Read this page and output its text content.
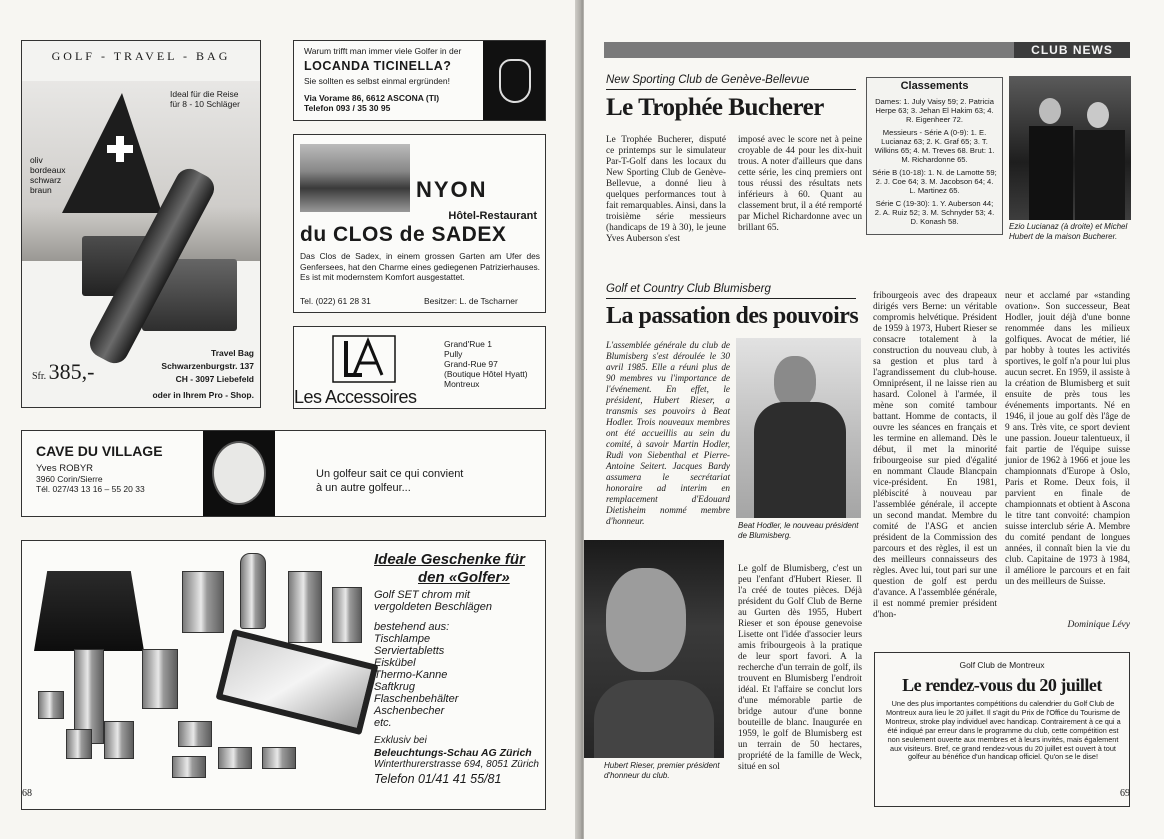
GOLF - TRAVEL - BAG
Ideal für die Reise
für 8 - 10 Schläger
oliv
bordeaux
schwarz
braun
Sfr. 385,-
Travel Bag
Schwarzenburgstr. 137
CH - 3097 Liebefeld
oder in Ihrem Pro - Shop.
Warum trifft man immer viele Golfer in der
LOCANDA TICINELLA?
Sie sollten es selbst einmal ergründen!
Via Vorame 86, 6612 ASCONA (TI)
Telefon 093 / 35 30 95
NYON
Hôtel-Restaurant
du CLOS de SADEX
Das Clos de Sadex, in einem grossen Garten am Ufer des Genfersees, hat den Charme eines gediegenen Patrizierhauses. Es ist mit modernstem Komfort ausgestattet.
Tel. (022) 61 28 31	Besitzer: L. de Tscharner
Les Accessoires
Grand'Rue 1
Pully
Grand-Rue 97
(Boutique Hôtel Hyatt)
Montreux
CAVE DU VILLAGE
Yves ROBYR
3960 Corin/Sierre
Tél. 027/43 13 16 – 55 20 33
Un golfeur sait ce qui convient
à un autre golfeur...
Ideale Geschenke für
den «Golfer»
Golf SET chrom mit
vergoldeten Beschlägen
bestehend aus:
Tischlampe
Serviertabletts
Eiskübel
Thermo-Kanne
Saftkrug
Flaschenbehälter
Aschenbecher
etc.
Exklusiv bei
Beleuchtungs-Schau AG Zürich
Winterthurerstrasse 694, 8051 Zürich
Telefon 01/41 41 55/81
68
CLUB NEWS
New Sporting Club de Genève-Bellevue
Le Trophée Bucherer
Le Trophée Bucherer, disputé ce printemps sur le simulateur Par-T-Golf dans les locaux du New Sporting Club de Genève-Bellevue, a donné lieu à quelques performances tout à fait remarquables. Ainsi, dans la troisième série messieurs (handicaps de 19 à 30), le jeune Yves Auberson s'est
imposé avec le score net à peine croyable de 44 pour les dix-huit trous. A noter d'ailleurs que dans cette série, les cinq premiers ont tous réussi des résultats nets inférieurs à 60. Quant au classement brut, il a été remporté par Michel Richardonne avec un brillant 65.
Classements

Dames: 1. July Vaisy 59; 2. Patricia Herpe 63; 3. Jehan El Hakim 63; 4. R. Eigenheer 72.

Messieurs - Série A (0-9): 1. E. Lucianaz 63; 2. K. Graf 65; 3. T. Wilkins 65; 4. M. Treves 68. Brut: 1. M. Richardonne 65.

Série B (10-18): 1. N. de Lamotte 59; 2. J. Coe 64; 3. M. Jacobson 64; 4. L. Martinez 65.

Série C (19-30): 1. Y. Auberson 44; 2. A. Ruiz 52; 3. M. Schnyder 53; 4. D. Konash 58.

Ezio Lucianaz (à droite) et Michel Hubert de la maison Bucherer.
Golf et Country Club Blumisberg
La passation des pouvoirs
L'assemblée générale du club de Blumisberg s'est déroulée le 30 avril 1985. Elle a réuni plus de 90 membres vu l'importance de l'événement. En effet, le président, Hubert Rieser, a transmis ses pouvoirs à Beat Hodler. Trois nouveaux membres ont été accueillis au sein du comité, à savoir Martin Hodler, Rudi von Siebenthal et Pierre-Antoine Seitert. Jacques Bardy assumera le secrétariat honoraire ad interim en remplacement d'Edouard Dietisheim nommé membre d'honneur.	Beat Hodler, le nouveau président de Blumisberg.
Hubert Rieser, premier président d'honneur du club.
Le golf de Blumisberg, c'est un peu l'enfant d'Hubert Rieser. Il l'a créé de toutes pièces. Déjà président du Golf Club de Berne au Gurten dès 1955, Hubert Rieser et son épouse genevoise Lisette ont l'idée d'associer leurs amis fribourgeois à la pratique de leur sport favori. A la recherche d'un terrain de golf, ils trouvent en Blumisberg l'endroit idéal. Et l'affaire se conclut lors d'une mémorable partie de bridge autour d'une bonne bouteille de blanc. Inaugurée en 1959, le golf de Blumisberg est un terrain de 50 hectares, propriété de la famille de Weck, situé en sol
fribourgeois avec des drapeaux dirigés vers Berne: un véritable compromis helvétique. Président de 1959 à 1973, Hubert Rieser se consacre totalement à la construction du nouveau club, à sa gestion et plus tard à l'agrandissement du club-house. Omniprésent, il ne laisse rien au hasard. Colonel à l'armée, il mène son comité tambour battant. Homme de contacts, il ouvre les séances en français et les termine en allemand. Dès le début, il met la minorité fribourgeoise sur pied d'égalité en nommant Claude Blancpain vice-président. En 1981, plébiscité à nouveau par l'assemblée générale, il accepte un second mandat. Membre du comité de l'ASG et ancien président de la Commission des parcours et des règles, il est un des meilleurs connaisseurs des règles. Avec lui, tout pari sur une question de golf est perdu d'avance. A l'assemblée générale, il est nommé premier président d'hon-
neur et acclamé par «standing ovation». Son successeur, Beat Hodler, jouit déjà d'une bonne renommée dans les milieux golfiques. Avocat de métier, lié par hobby à toutes les activités sportives, le golf n'a pour lui plus aucun secret. En 1959, il assiste à la création de Blumisberg et suit ensuite de près tous les événements importants. Né en 1946, il joue au golf dès l'âge de 9 ans. Très vite, ce sport devient une passion. Joueur talentueux, il fait partie de l'équipe suisse junior de 1962 à 1966 et joue les championnats d'Europe à Oslo, Paris et Rome. Deux fois, il parvient en finale de championnats et obtient à Ascona le titre tant convoité: champion suisse interclub série A. Membre du comité pendant de longues années, il connaît bien la vie du club. Capitaine de 1973 à 1984, il améliore le parcours et en fait un des meilleurs de Suisse.
Dominique Lévy
Golf Club de Montreux
Le rendez-vous du 20 juillet
Une des plus importantes compétitions du calendrier du Golf Club de Montreux aura lieu le 20 juillet. Il s'agit du Prix de l'Office du Tourisme de Montreux, stroke play individuel avec handicap. Contrairement à ce qui a été indiqué par erreur dans le programme du club, cette compétition est non seulement ouverte aux membres et à leurs invités, mais également aux visiteurs. Bref, ce grand rendez-vous du 20 juillet est ouvert à tout golfeur au bénéfice d'un handicap officiel. Qu'on se le dise!
69
